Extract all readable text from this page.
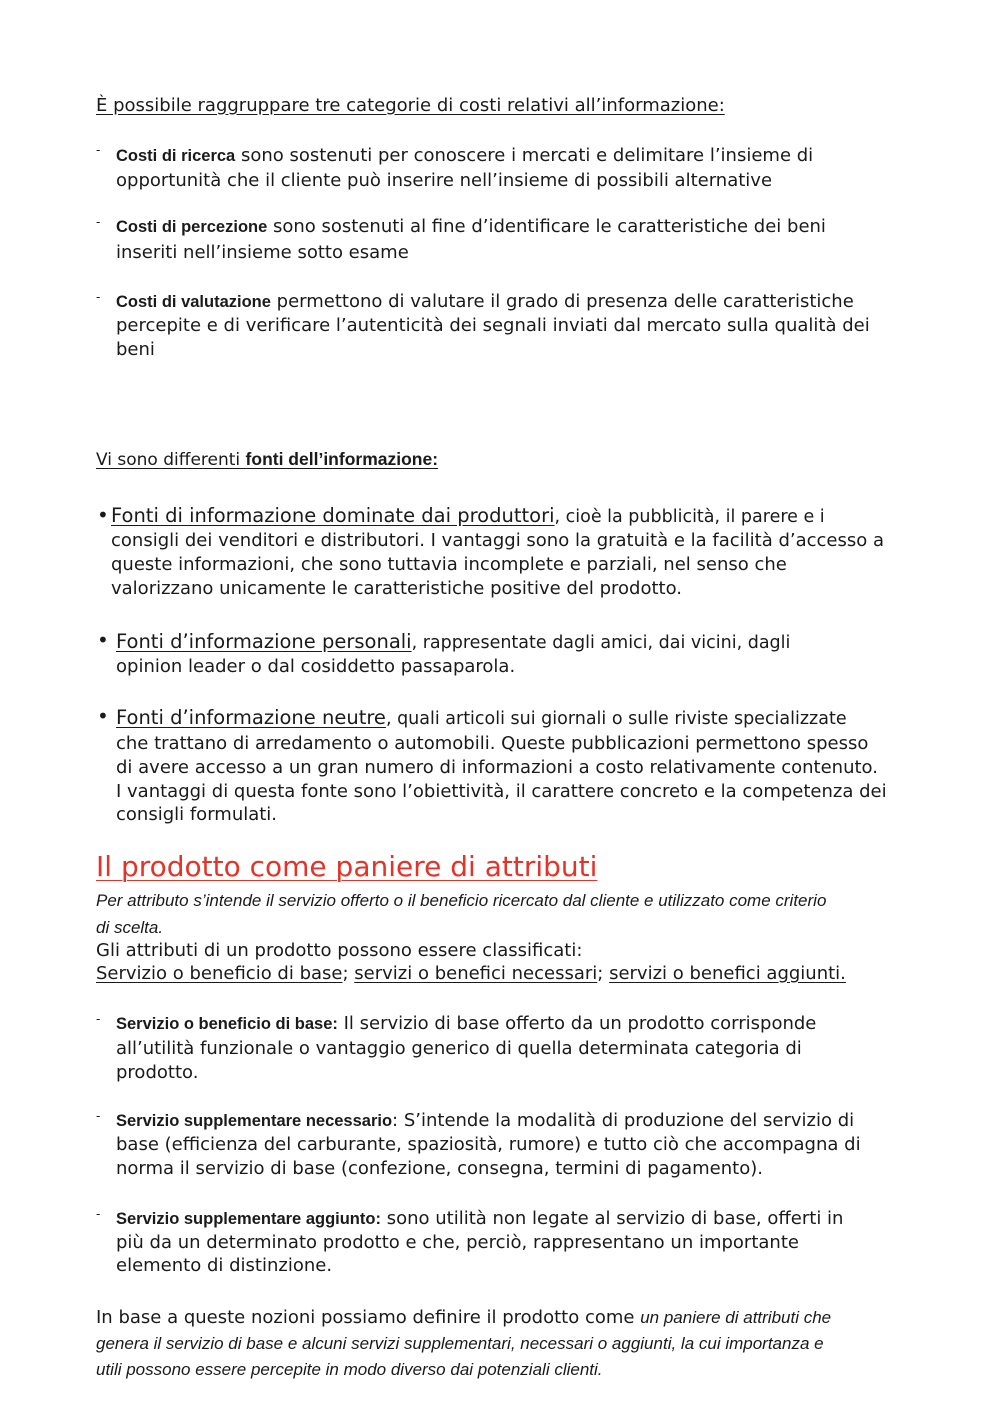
È possibile raggruppare tre categorie di costi relativi all’informazione:
- Costi di ricerca sono sostenuti per conoscere i mercati e delimitare l’insieme di
opportunità che il cliente può inserire nell’insieme di possibili alternative
- Costi di percezione sono sostenuti al fine d’identificare le caratteristiche dei beni
inseriti nell’insieme sotto esame
- Costi di valutazione permettono di valutare il grado di presenza delle caratteristiche
percepite e di verificare l’autenticità dei segnali inviati dal mercato sulla qualità dei
beni
Vi sono differenti fonti dell’informazione:
• Fonti di informazione dominate dai produttori, cioè la pubblicità, il parere e i
consigli dei venditori e distributori. I vantaggi sono la gratuità e la facilità d’accesso a
queste informazioni, che sono tuttavia incomplete e parziali, nel senso che
valorizzano unicamente le caratteristiche positive del prodotto.
• Fonti d’informazione personali, rappresentate dagli amici, dai vicini, dagli
opinion leader o dal cosiddetto passaparola.
• Fonti d’informazione neutre, quali articoli sui giornali o sulle riviste specializzate
che trattano di arredamento o automobili. Queste pubblicazioni permettono spesso
di avere accesso a un gran numero di informazioni a costo relativamente contenuto.
I vantaggi di questa fonte sono l’obiettività, il carattere concreto e la competenza dei
consigli formulati.
Il prodotto come paniere di attributi
Per attributo s’intende il servizio offerto o il beneficio ricercato dal cliente e utilizzato come criterio
di scelta.
Gli attributi di un prodotto possono essere classificati:
Servizio o beneficio di base; servizi o benefici necessari; servizi o benefici aggiunti.
- Servizio o beneficio di base: Il servizio di base offerto da un prodotto corrisponde
all’utilità funzionale o vantaggio generico di quella determinata categoria di
prodotto.
- Servizio supplementare necessario: S’intende la modalità di produzione del servizio di
base (efficienza del carburante, spaziosità, rumore) e tutto ciò che accompagna di
norma il servizio di base (confezione, consegna, termini di pagamento).
- Servizio supplementare aggiunto: sono utilità non legate al servizio di base, offerti in
più da un determinato prodotto e che, perciò, rappresentano un importante
elemento di distinzione.
In base a queste nozioni possiamo definire il prodotto come un paniere di attributi che
genera il servizio di base e alcuni servizi supplementari, necessari o aggiunti, la cui importanza e
utili possono essere percepite in modo diverso dai potenziali clienti.
